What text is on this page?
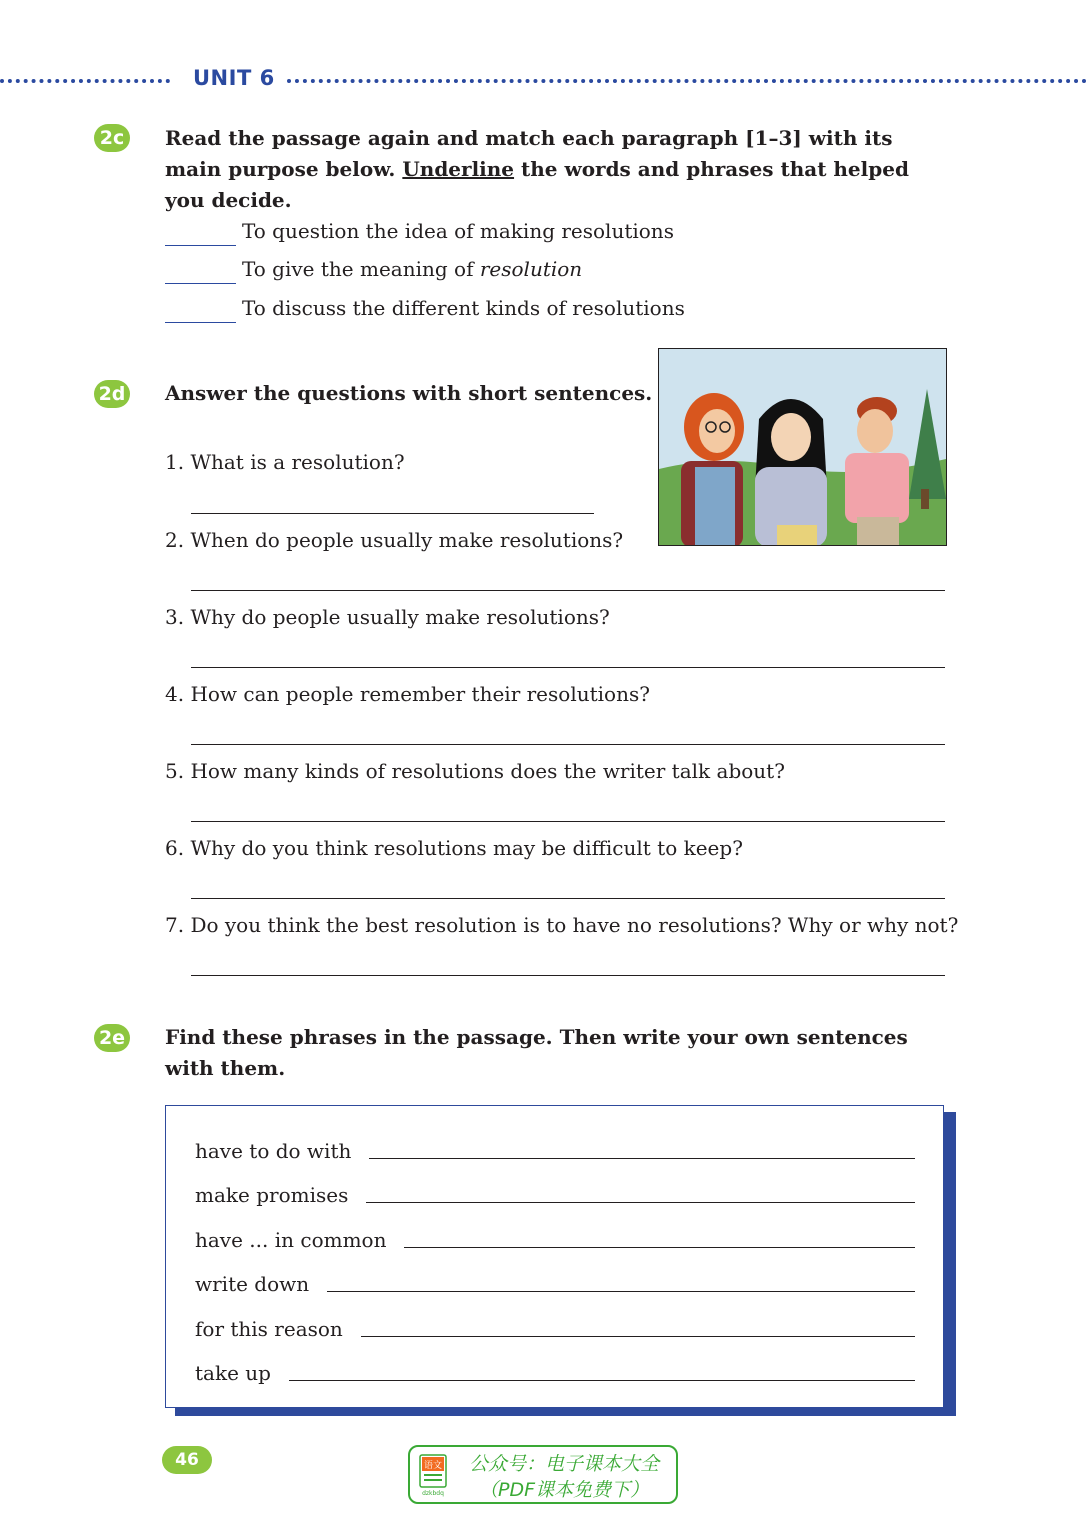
UNIT 6
2c Read the passage again and match each paragraph [1–3] with its main purpose below. Underline the words and phrases that helped you decide.
To question the idea of making resolutions
To give the meaning of resolution
To discuss the different kinds of resolutions
2d Answer the questions with short sentences.
1. What is a resolution?
2. When do people usually make resolutions?
3. Why do people usually make resolutions?
4. How can people remember their resolutions?
5. How many kinds of resolutions does the writer talk about?
6. Why do you think resolutions may be difficult to keep?
7. Do you think the best resolution is to have no resolutions? Why or why not?
2e Find these phrases in the passage. Then write your own sentences with them.
have to do with
make promises
have ... in common
write down
for this reason
take up
46	语文
dzkbdq
公众号：电子课本大全
（PDF课本免费下）
